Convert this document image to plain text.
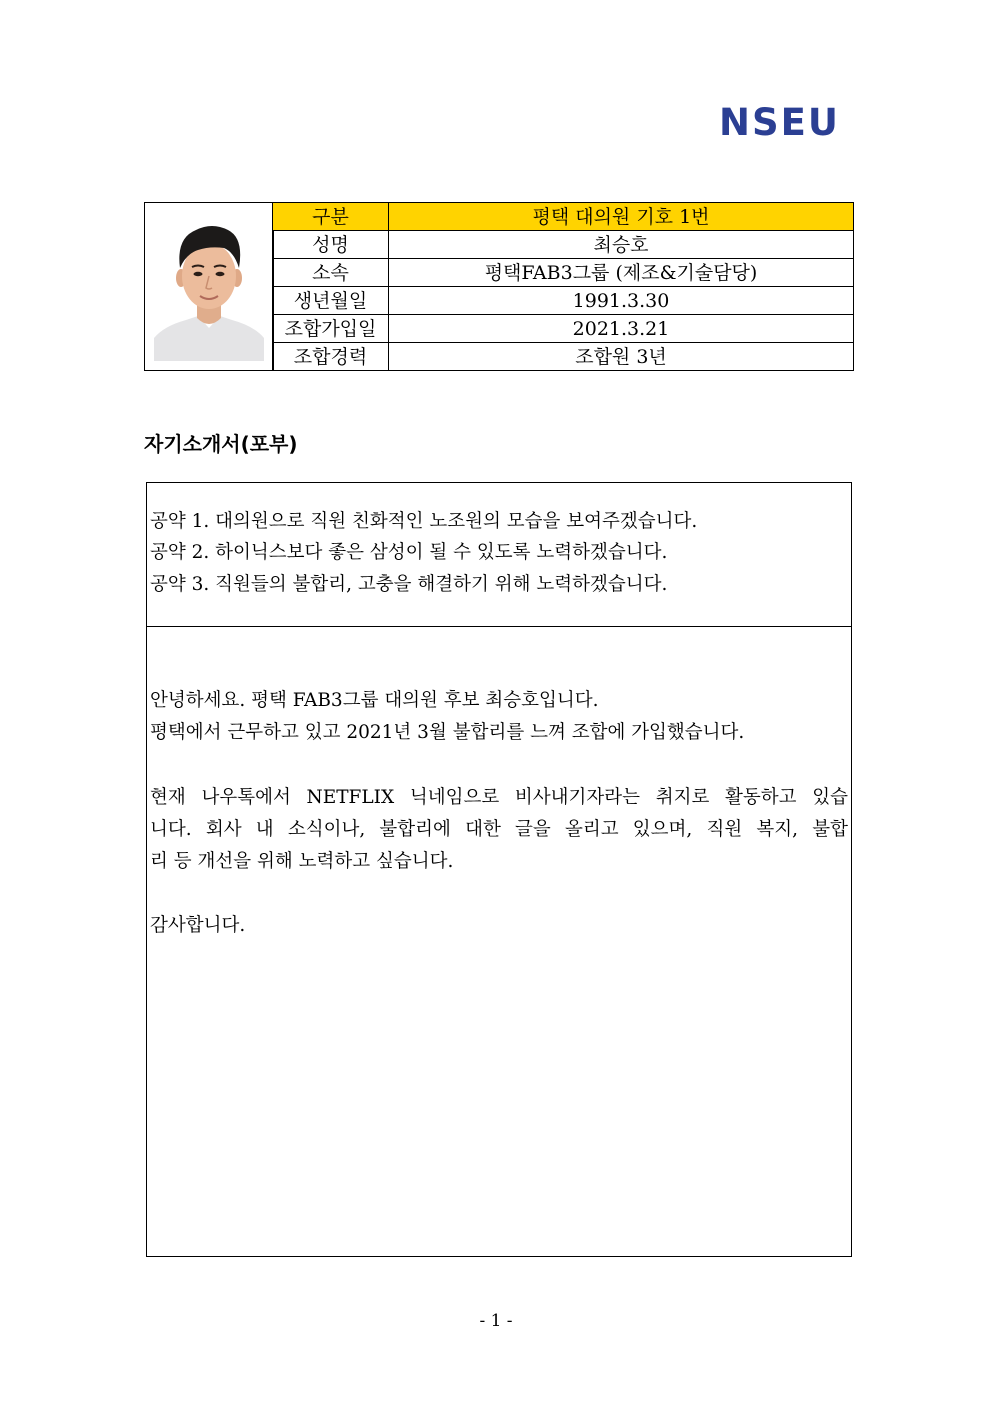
NSEU
구분	평택 대의원 기호 1번
성명	최승호
소속	평택FAB3그룹 (제조&기술담당)
생년월일	1991.3.30
조합가입일	2021.3.21
조합경력	조합원 3년
자기소개서(포부)
공약 1. 대의원으로 직원 친화적인 노조원의 모습을 보여주겠습니다.
공약 2. 하이닉스보다 좋은 삼성이 될 수 있도록 노력하겠습니다.
공약 3. 직원들의 불합리, 고충을 해결하기 위해 노력하겠습니다.
안녕하세요. 평택 FAB3그룹 대의원 후보 최승호입니다.
평택에서 근무하고 있고 2021년 3월 불합리를 느껴 조합에 가입했습니다.
현재 나우톡에서 NETFLIX 닉네임으로 비사내기자라는 취지로 활동하고 있습
니다. 회사 내 소식이나, 불합리에 대한 글을 올리고 있으며, 직원 복지, 불합
리 등 개선을 위해 노력하고 싶습니다.
감사합니다.
- 1 -
